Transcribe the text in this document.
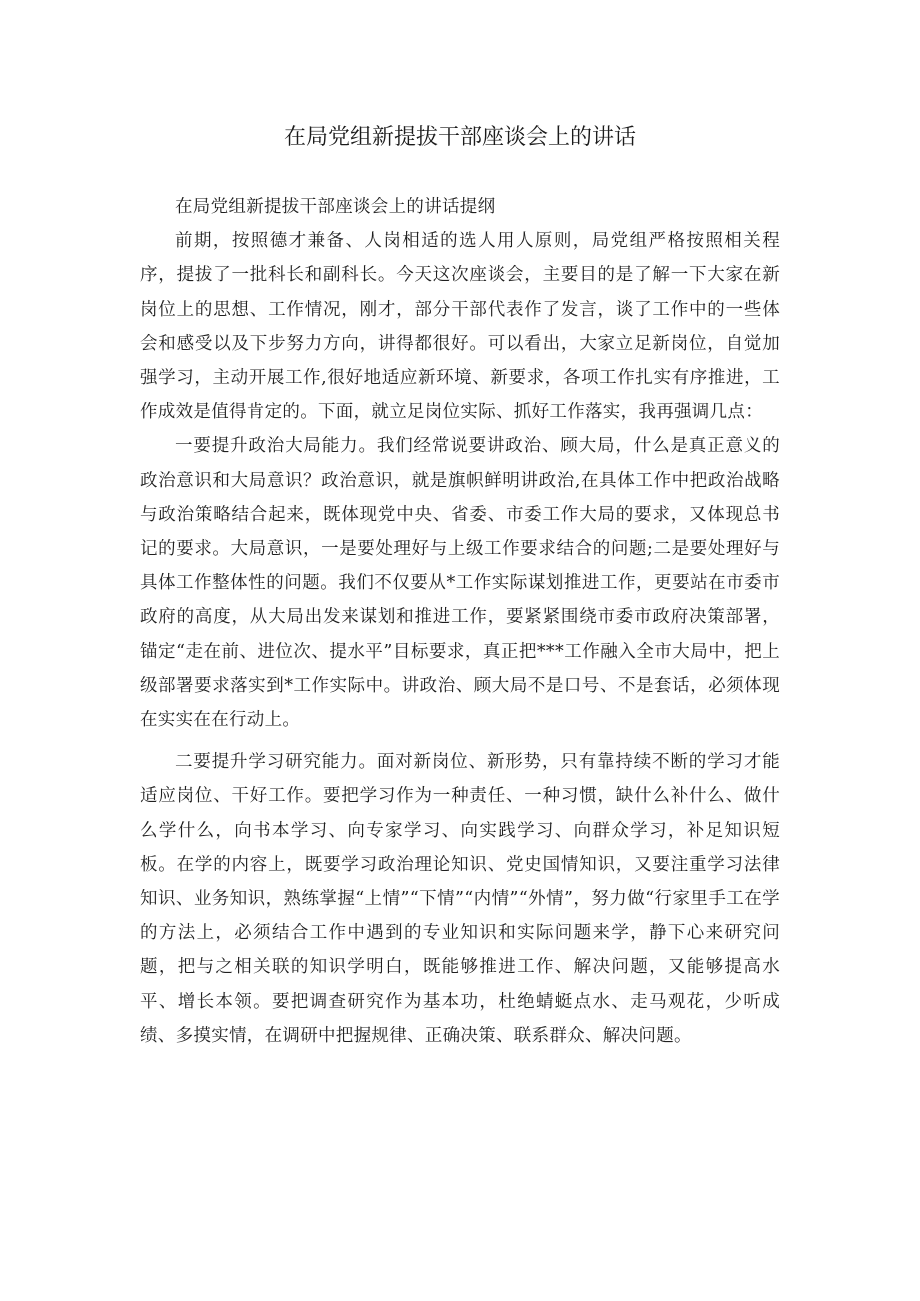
在局党组新提拔干部座谈会上的讲话

在局党组新提拔干部座谈会上的讲话提纲

前期，按照德才兼备、人岗相适的选人用人原则，局党组严格按照相关程序，提拔了一批科长和副科长。今天这次座谈会，主要目的是了解一下大家在新岗位上的思想、工作情况，刚才，部分干部代表作了发言，谈了工作中的一些体会和感受以及下步努力方向，讲得都很好。可以看出，大家立足新岗位，自觉加强学习，主动开展工作,很好地适应新环境、新要求，各项工作扎实有序推进，工作成效是值得肯定的。下面，就立足岗位实际、抓好工作落实，我再强调几点：

一要提升政治大局能力。我们经常说要讲政治、顾大局，什么是真正意义的政治意识和大局意识？政治意识，就是旗帜鲜明讲政治,在具体工作中把政治战略与政治策略结合起来，既体现党中央、省委、市委工作大局的要求，又体现总书记的要求。大局意识，一是要处理好与上级工作要求结合的问题;二是要处理好与具体工作整体性的问题。我们不仅要从*工作实际谋划推进工作，更要站在市委市政府的高度，从大局出发来谋划和推进工作，要紧紧围绕市委市政府决策部署，锚定“走在前、进位次、提水平”目标要求，真正把***工作融入全市大局中，把上级部署要求落实到*工作实际中。讲政治、顾大局不是口号、不是套话，必须体现在实实在在行动上。

二要提升学习研究能力。面对新岗位、新形势，只有靠持续不断的学习才能适应岗位、干好工作。要把学习作为一种责任、一种习惯，缺什么补什么、做什么学什么，向书本学习、向专家学习、向实践学习、向群众学习，补足知识短板。在学的内容上，既要学习政治理论知识、党史国情知识，又要注重学习法律知识、业务知识，熟练掌握“上情”“下情”“内情”“外情”，努力做“行家里手工在学的方法上，必须结合工作中遇到的专业知识和实际问题来学，静下心来研究问题，把与之相关联的知识学明白，既能够推进工作、解决问题，又能够提高水平、增长本领。要把调查研究作为基本功，杜绝蜻蜓点水、走马观花，少听成绩、多摸实情，在调研中把握规律、正确决策、联系群众、解决问题。
